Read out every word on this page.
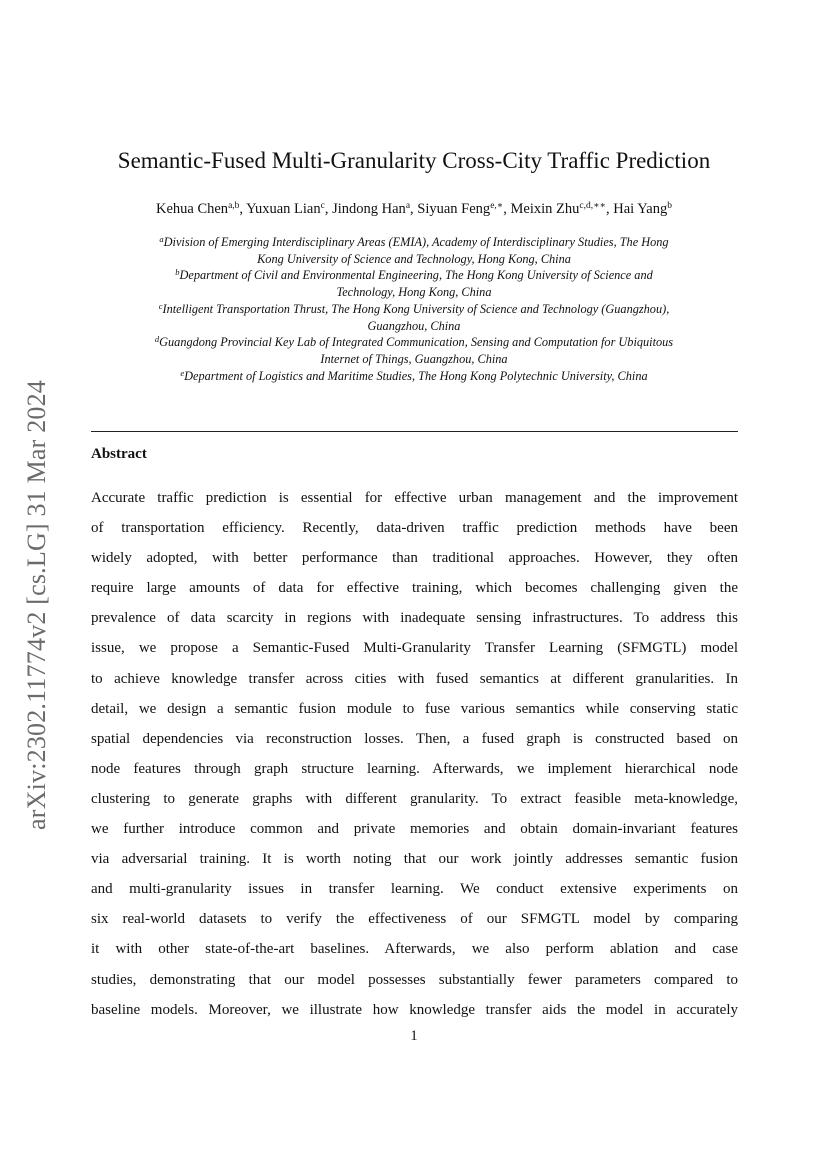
arXiv:2302.11774v2 [cs.LG] 31 Mar 2024
Semantic-Fused Multi-Granularity Cross-City Traffic Prediction
Kehua Chen$^{a,b}$, Yuxuan Lian$^c$, Jindong Han$^a$, Siyuan Feng$^{e,∗}$, Meixin Zhu$^{c,d,∗∗}$, Hai Yang$^b$
$^a$Division of Emerging Interdisciplinary Areas (EMIA), Academy of Interdisciplinary Studies, The Hong
Kong University of Science and Technology, Hong Kong, China
$^b$Department of Civil and Environmental Engineering, The Hong Kong University of Science and
Technology, Hong Kong, China
$^c$Intelligent Transportation Thrust, The Hong Kong University of Science and Technology (Guangzhou),
Guangzhou, China
$^d$Guangdong Provincial Key Lab of Integrated Communication, Sensing and Computation for Ubiquitous
Internet of Things, Guangzhou, China
$^e$Department of Logistics and Maritime Studies, The Hong Kong Polytechnic University, China
Abstract
Accurate traffic prediction is essential for effective urban management and the improvement
of transportation efficiency. Recently, data-driven traffic prediction methods have been
widely adopted, with better performance than traditional approaches. However, they often
require large amounts of data for effective training, which becomes challenging given the
prevalence of data scarcity in regions with inadequate sensing infrastructures. To address this
issue, we propose a Semantic-Fused Multi-Granularity Transfer Learning (SFMGTL) model
to achieve knowledge transfer across cities with fused semantics at different granularities. In
detail, we design a semantic fusion module to fuse various semantics while conserving static
spatial dependencies via reconstruction losses. Then, a fused graph is constructed based on
node features through graph structure learning. Afterwards, we implement hierarchical node
clustering to generate graphs with different granularity. To extract feasible meta-knowledge,
we further introduce common and private memories and obtain domain-invariant features
via adversarial training. It is worth noting that our work jointly addresses semantic fusion
and multi-granularity issues in transfer learning. We conduct extensive experiments on
six real-world datasets to verify the effectiveness of our SFMGTL model by comparing
it with other state-of-the-art baselines. Afterwards, we also perform ablation and case
studies, demonstrating that our model possesses substantially fewer parameters compared to
baseline models. Moreover, we illustrate how knowledge transfer aids the model in accurately
1
